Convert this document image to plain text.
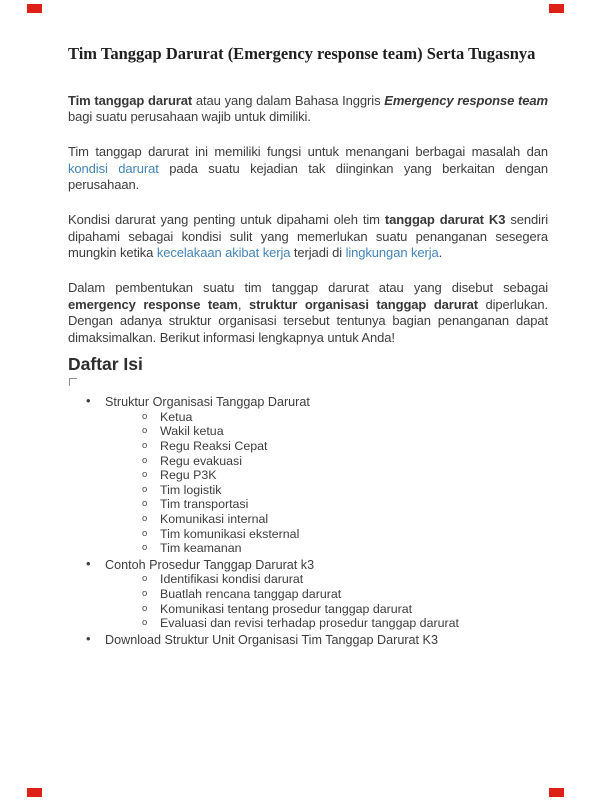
Tim Tanggap Darurat (Emergency response team) Serta Tugasnya

Tim tanggap darurat atau yang dalam Bahasa Inggris Emergency response team bagi suatu perusahaan wajib untuk dimiliki.

Tim tanggap darurat ini memiliki fungsi untuk menangani berbagai masalah dan kondisi darurat pada suatu kejadian tak diinginkan yang berkaitan dengan perusahaan.

Kondisi darurat yang penting untuk dipahami oleh tim tanggap darurat K3 sendiri dipahami sebagai kondisi sulit yang memerlukan suatu penanganan sesegera mungkin ketika kecelakaan akibat kerja terjadi di lingkungan kerja.

Dalam pembentukan suatu tim tanggap darurat atau yang disebut sebagai emergency response team, struktur organisasi tanggap darurat diperlukan. Dengan adanya struktur organisasi tersebut tentunya bagian penanganan dapat dimaksimalkan. Berikut informasi lengkapnya untuk Anda!

Daftar Isi
• Struktur Organisasi Tanggap Darurat
o Ketua
o Wakil ketua
o Regu Reaksi Cepat
o Regu evakuasi
o Regu P3K
o Tim logistik
o Tim transportasi
o Komunikasi internal
o Tim komunikasi eksternal
o Tim keamanan
• Contoh Prosedur Tanggap Darurat k3
o Identifikasi kondisi darurat
o Buatlah rencana tanggap darurat
o Komunikasi tentang prosedur tanggap darurat
o Evaluasi dan revisi terhadap prosedur tanggap darurat
• Download Struktur Unit Organisasi Tim Tanggap Darurat K3
